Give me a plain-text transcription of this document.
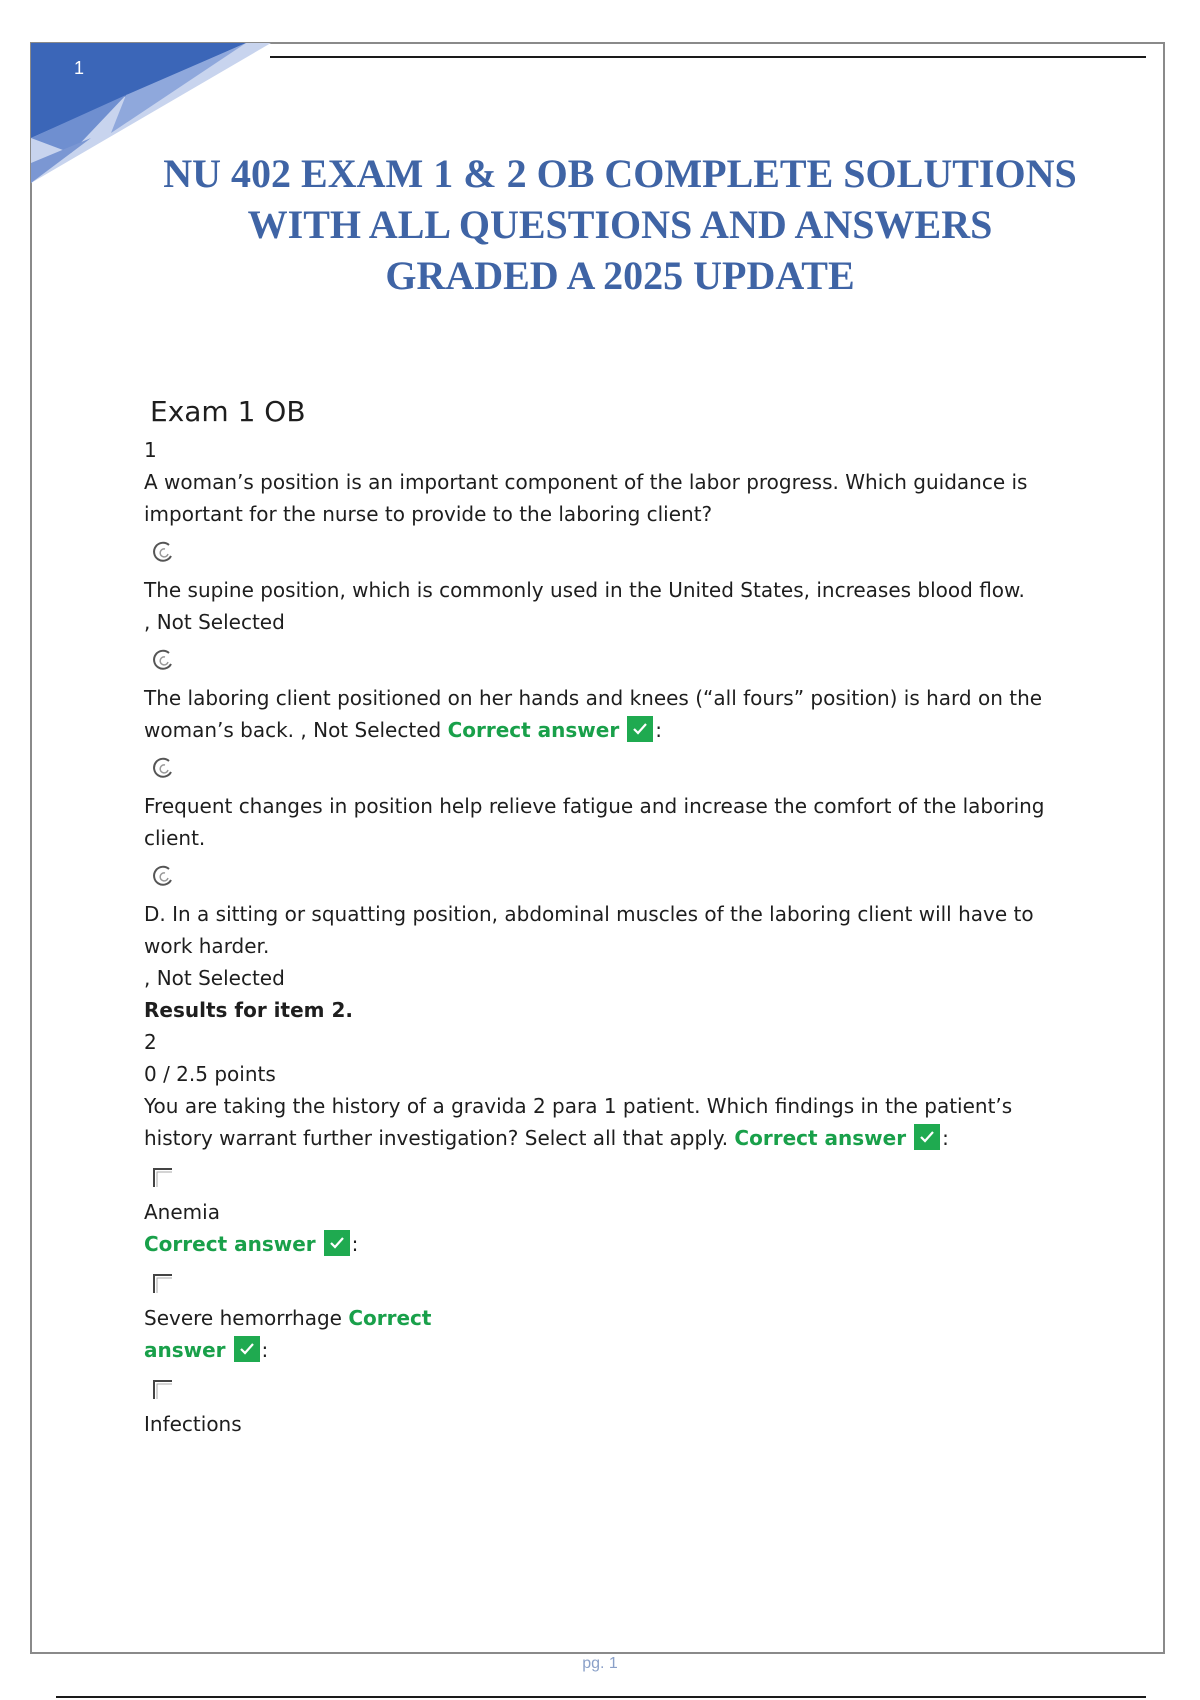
1
NU 402 EXAM 1 & 2 OB COMPLETE SOLUTIONS
WITH ALL QUESTIONS AND ANSWERS
GRADED A 2025 UPDATE
Exam 1 OB

1

A woman’s position is an important component of the labor progress. Which guidance is important for the nurse to provide to the laboring client?

The supine position, which is commonly used in the United States, increases blood flow.

, Not Selected

The laboring client positioned on her hands and knees (“all fours” position) is hard on the woman’s back. , Not Selected Correct answer :

Frequent changes in position help relieve fatigue and increase the comfort of the laboring client.

D. In a sitting or squatting position, abdominal muscles of the laboring client will have to work harder.

, Not Selected

Results for item 2.

2

0 / 2.5 points

You are taking the history of a gravida 2 para 1 patient. Which findings in the patient’s history warrant further investigation? Select all that apply. Correct answer :

Anemia

Correct answer :

Severe hemorrhage Correct

answer :

Infections

pg. 1
